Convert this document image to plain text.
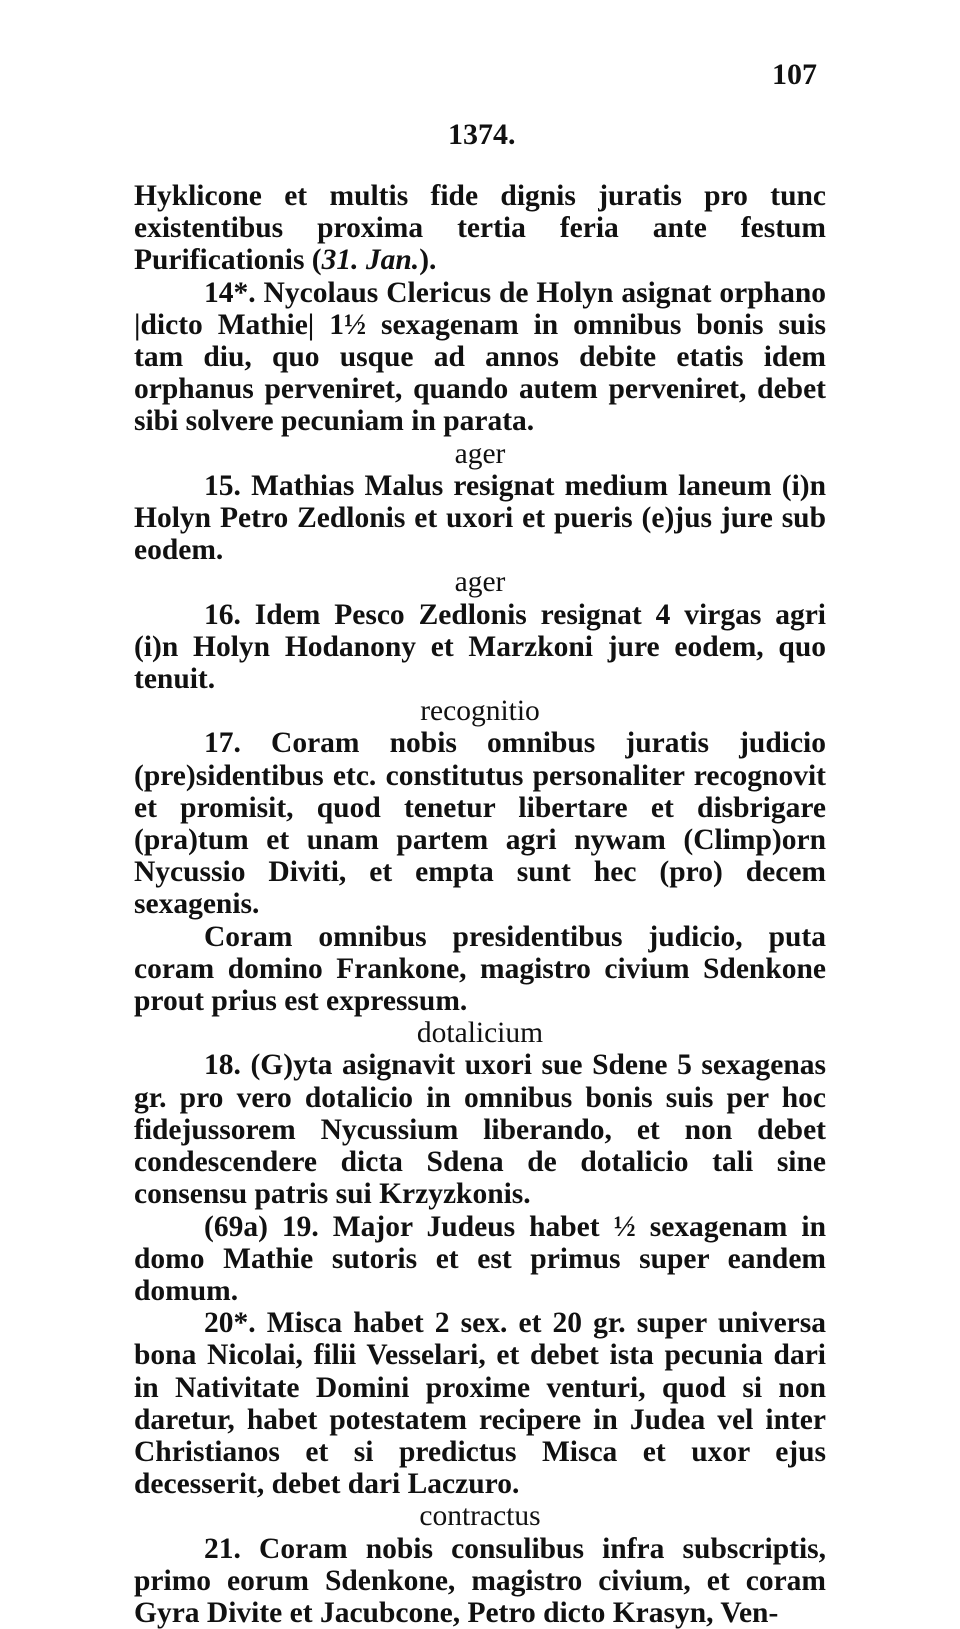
107
1374.

Hyklicone et multis fide dignis juratis pro tunc existentibus proxima tertia feria ante festum Purificationis (31. Jan.).

14*. Nycolaus Clericus de Holyn asignat orphano |dicto Mathie| 1½ sexagenam in omnibus bonis suis tam diu, quo usque ad annos debite etatis idem orphanus perveniret, quando autem perveniret, debet sibi solvere pecuniam in parata.

ager

15. Mathias Malus resignat medium laneum (i)n Holyn Petro Zedlonis et uxori et pueris (e)jus jure sub eodem.

ager

16. Idem Pesco Zedlonis resignat 4 virgas agri (i)n Holyn Hodanony et Marzkoni jure eodem, quo tenuit.

recognitio

17. Coram nobis omnibus juratis judicio (pre)sidentibus etc. constitutus personaliter recognovit et promisit, quod tenetur libertare et disbrigare (pra)tum et unam partem agri nywam (Climp)orn Nycussio Diviti, et empta sunt hec (pro) decem sexagenis.

Coram omnibus presidentibus judicio, puta coram domino Frankone, magistro civium Sdenkone prout prius est expressum.

dotalicium

18. (G)yta asignavit uxori sue Sdene 5 sexagenas gr. pro vero dotalicio in omnibus bonis suis per hoc fidejussorem Nycussium liberando, et non debet condescendere dicta Sdena de dotalicio tali sine consensu patris sui Krzyzkonis.

(69a) 19. Major Judeus habet ½ sexagenam in domo Mathie sutoris et est primus super eandem domum.

20*. Misca habet 2 sex. et 20 gr. super universa bona Nicolai, filii Vesselari, et debet ista pecunia dari in Nativitate Domini proxime venturi, quod si non daretur, habet potestatem recipere in Judea vel inter Christianos et si predictus Misca et uxor ejus decesserit, debet dari Laczuro.

contractus

21. Coram nobis consulibus infra subscriptis, primo eorum Sdenkone, magistro civium, et coram Gyra Divite et Jacubcone, Petro dicto Krasyn, Ven-
